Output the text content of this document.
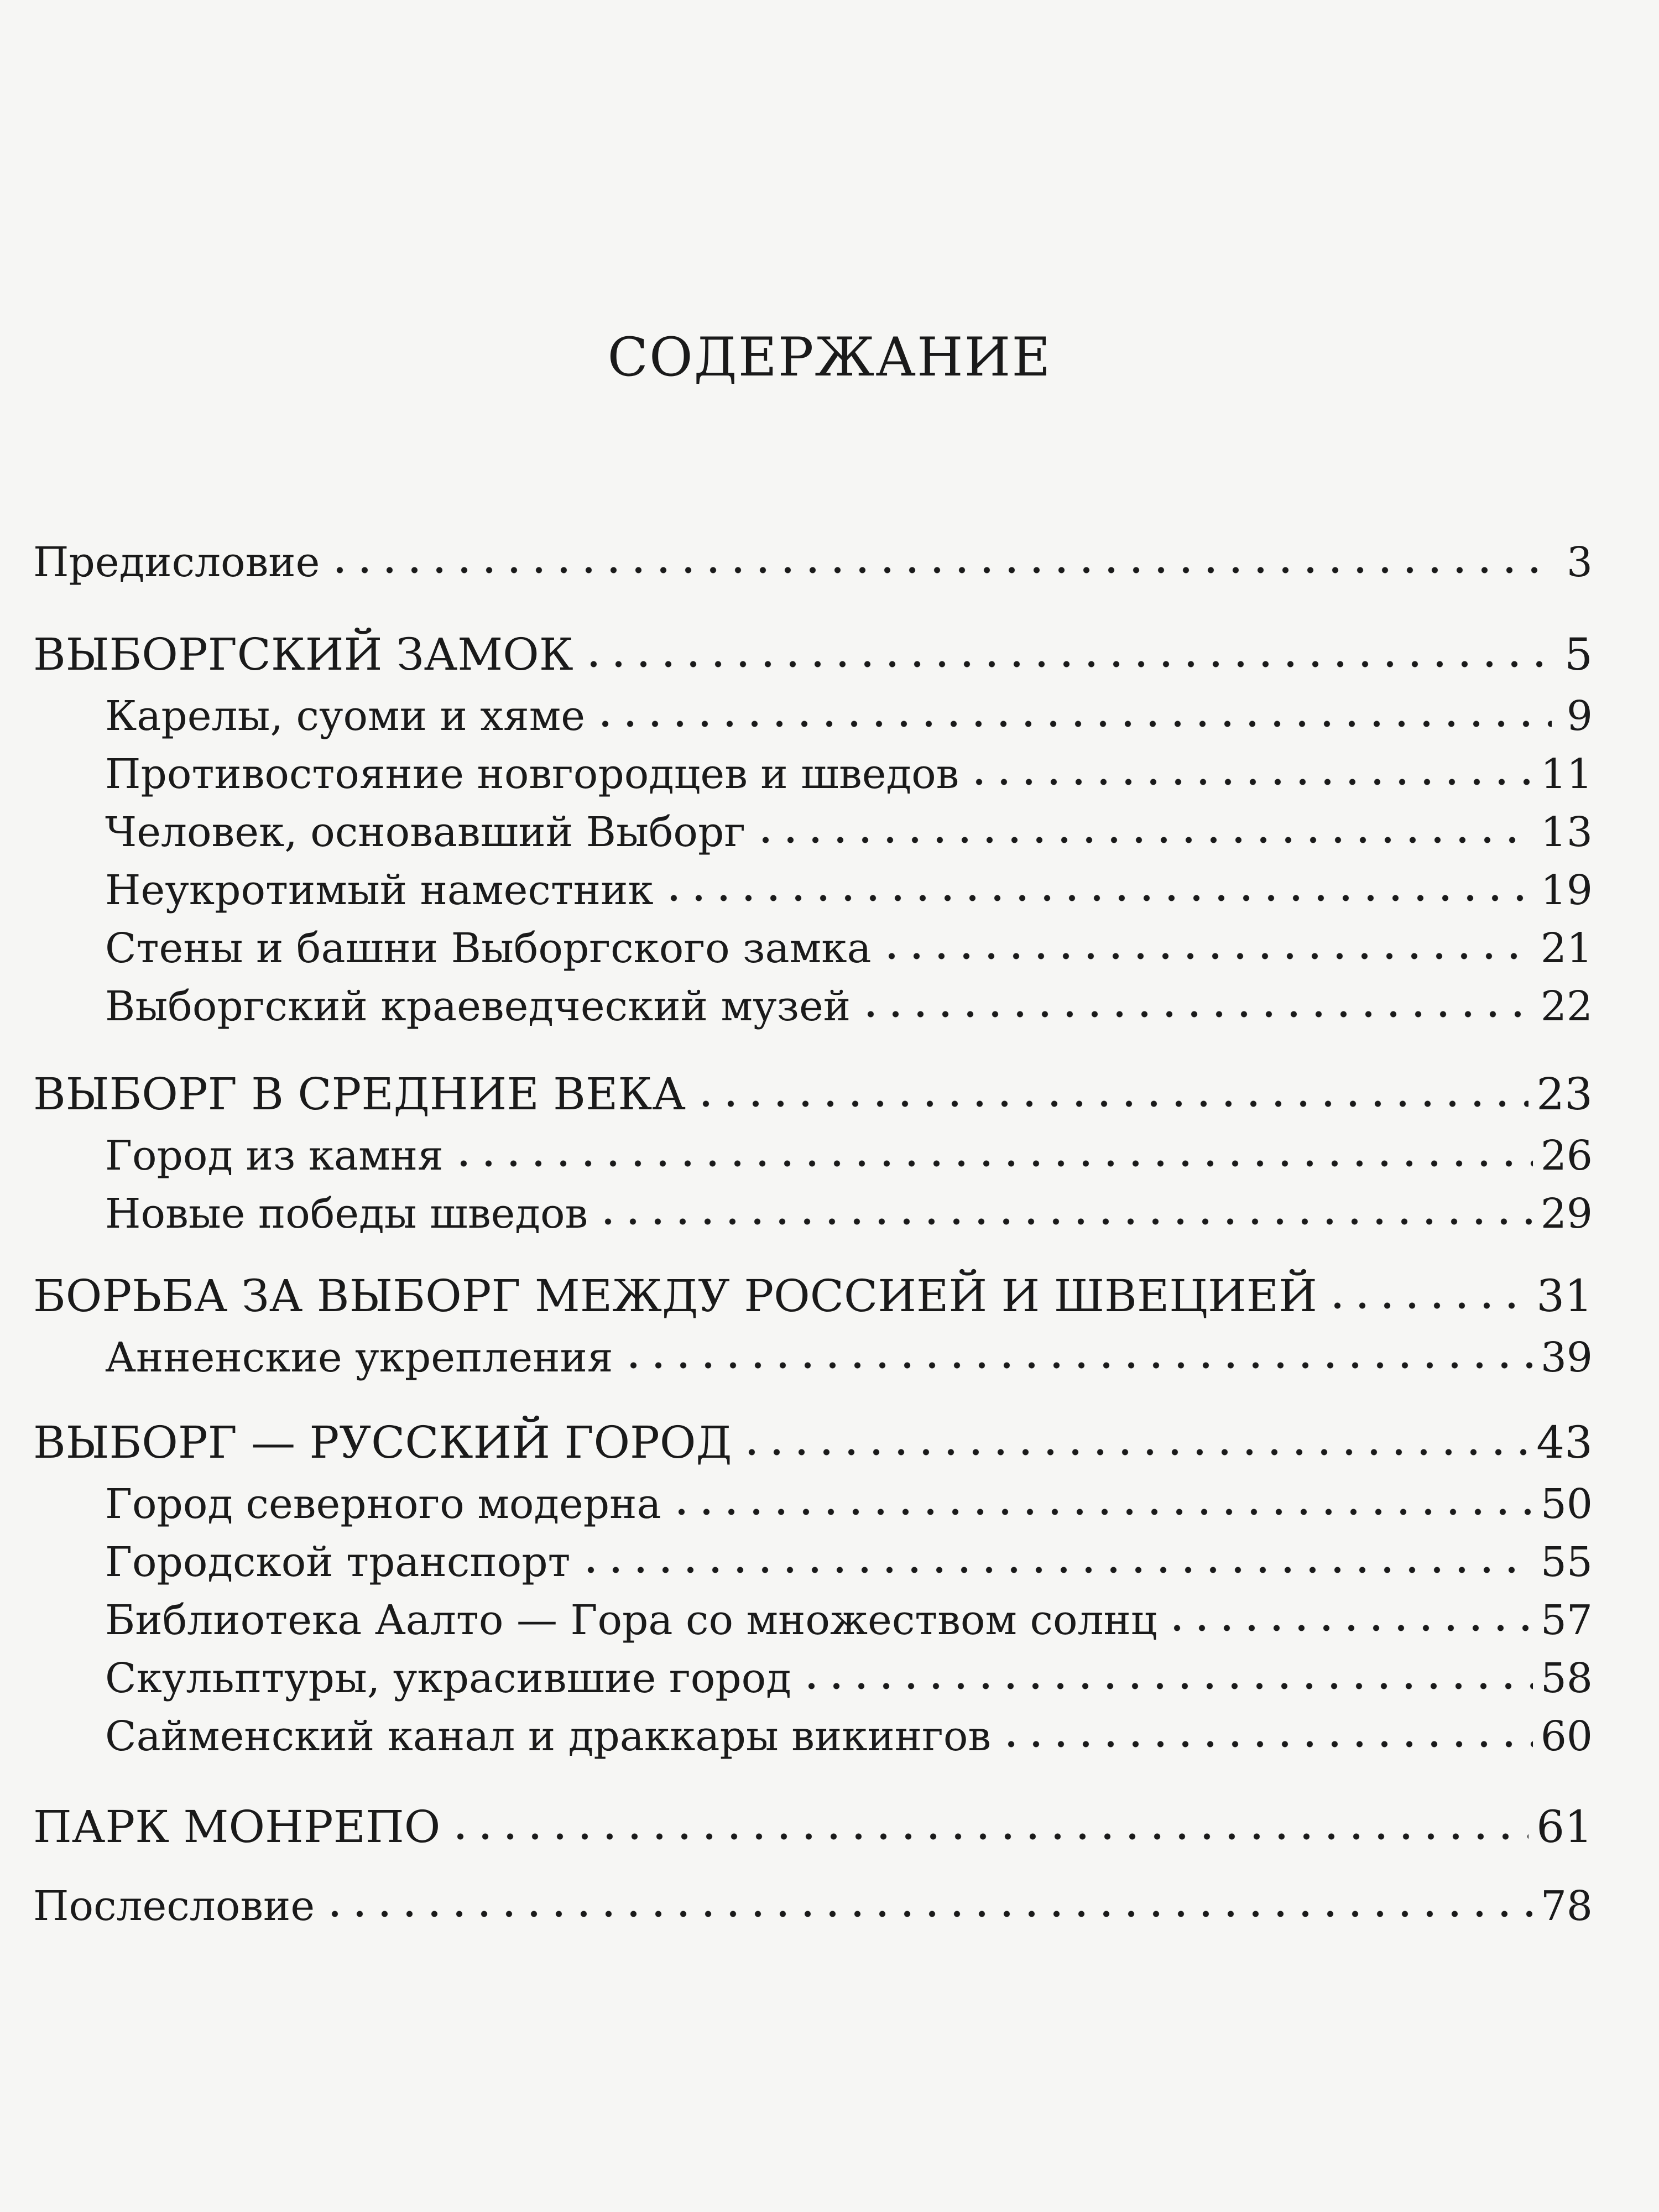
СОДЕРЖАНИЕ
Предисловие	3
ВЫБОРГСКИЙ ЗАМОК	5
Карелы, суоми и хяме	9
Противостояние новгородцев и шведов	11
Человек, основавший Выборг	13
Неукротимый наместник	19
Стены и башни Выборгского замка	21
Выборгский краеведческий музей	22
ВЫБОРГ В СРЕДНИЕ ВЕКА	23
Город из камня	26
Новые победы шведов	29
БОРЬБА ЗА ВЫБОРГ МЕЖДУ РОССИЕЙ И ШВЕЦИЕЙ	31
Анненские укрепления	39
ВЫБОРГ — РУССКИЙ ГОРОД	43
Город северного модерна	50
Городской транспорт	55
Библиотека Аалто — Гора со множеством солнц	57
Скульптуры, украсившие город	58
Сайменский канал и драккары викингов	60
ПАРК МОНРЕПО	61
Послесловие	78
